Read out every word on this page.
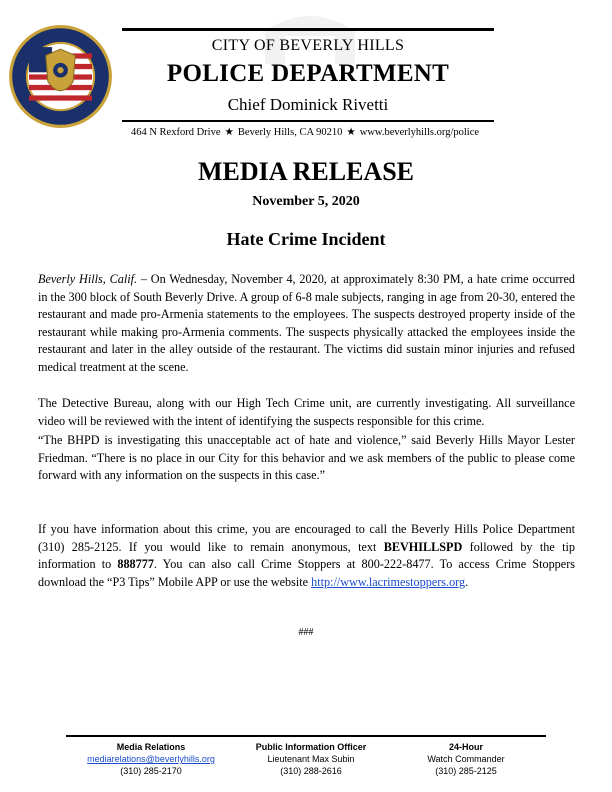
CITY OF BEVERLY HILLS
POLICE DEPARTMENT
Chief Dominick Rivetti
464 N Rexford Drive ★ Beverly Hills, CA 90210 ★ www.beverlyhills.org/police
MEDIA RELEASE
November 5, 2020
Hate Crime Incident
Beverly Hills, Calif. – On Wednesday, November 4, 2020, at approximately 8:30 PM, a hate crime occurred in the 300 block of South Beverly Drive. A group of 6-8 male subjects, ranging in age from 20-30, entered the restaurant and made pro-Armenia statements to the employees. The suspects destroyed property inside of the restaurant while making pro-Armenia comments. The suspects physically attacked the employees inside the restaurant and later in the alley outside of the restaurant. The victims did sustain minor injuries and refused medical treatment at the scene.
The Detective Bureau, along with our High Tech Crime unit, are currently investigating. All surveillance video will be reviewed with the intent of identifying the suspects responsible for this crime.
“The BHPD is investigating this unacceptable act of hate and violence,” said Beverly Hills Mayor Lester Friedman. “There is no place in our City for this behavior and we ask members of the public to please come forward with any information on the suspects in this case.”
If you have information about this crime, you are encouraged to call the Beverly Hills Police Department (310) 285-2125. If you would like to remain anonymous, text BEVHILLSPD followed by the tip information to 888777. You can also call Crime Stoppers at 800-222-8477. To access Crime Stoppers download the “P3 Tips” Mobile APP or use the website http://www.lacrimestoppers.org.
###
Media Relations
mediarelations@beverlyhills.org
(310) 285-2170
Public Information Officer
Lieutenant Max Subin
(310) 288-2616
24-Hour
Watch Commander
(310) 285-2125
